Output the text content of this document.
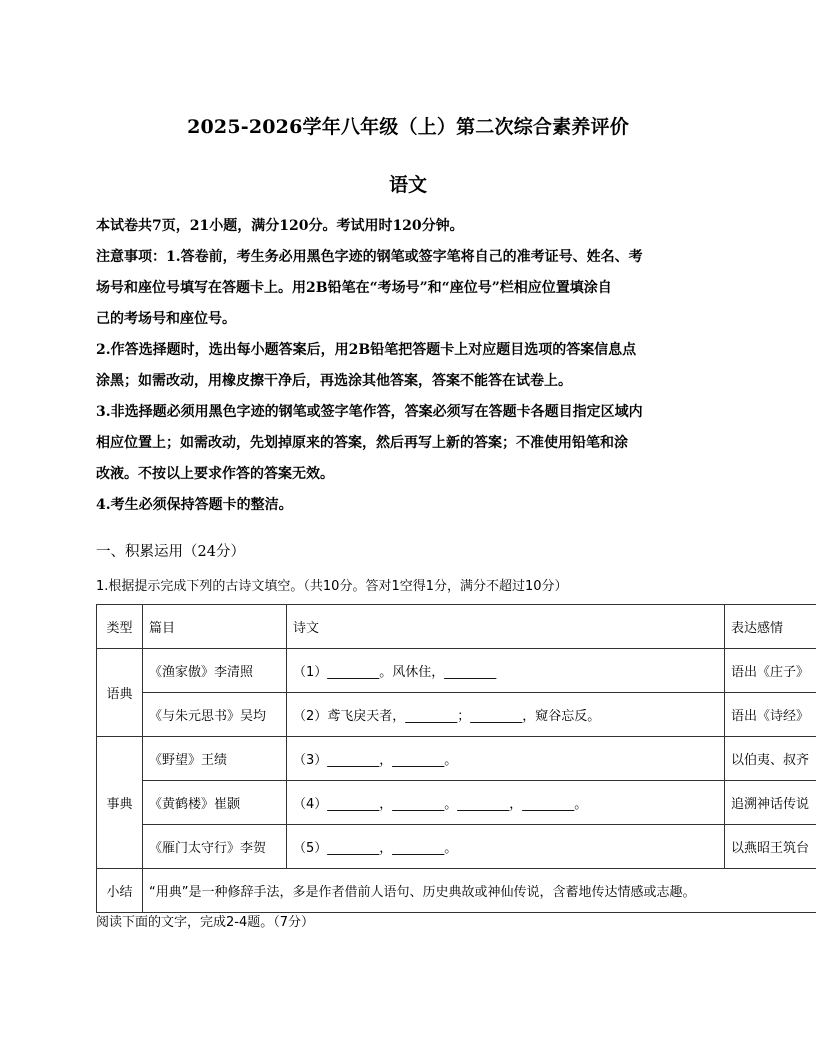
2025-2026学年八年级（上）第二次综合素养评价
语文

本试卷共7页，21小题，满分120分。考试用时120分钟。

注意事项：1.答卷前，考生务必用黑色字迹的钢笔或签字笔将自己的准考证号、姓名、考

场号和座位号填写在答题卡上。用2B铅笔在“考场号”和“座位号”栏相应位置填涂自

己的考场号和座位号。

2.作答选择题时，选出每小题答案后，用2B铅笔把答题卡上对应题目选项的答案信息点

涂黑；如需改动，用橡皮擦干净后，再选涂其他答案，答案不能答在试卷上。

3.非选择题必须用黑色字迹的钢笔或签字笔作答，答案必须写在答题卡各题目指定区域内

相应位置上；如需改动，先划掉原来的答案，然后再写上新的答案；不准使用铅笔和涂

改液。不按以上要求作答的答案无效。

4.考生必须保持答题卡的整洁。

一、积累运用（24分）
1.根据提示完成下列的古诗文填空。（共10分。答对1空得1分，满分不超过10分）
类型	篇目	诗文	表达感情
语典	《渔家傲》李清照	（1）________。风休住，________	语出《庄子》
	《与朱元思书》吴均	（2）鸢飞戾天者，________；________，窥谷忘反。	语出《诗经》
事典	《野望》王绩	（3）________，________。	以伯夷、叔齐
	《黄鹤楼》崔颢	（4）________，________。________，________。	追溯神话传说
	《雁门太守行》李贺	（5）________，________。	以燕昭王筑台
小结	“用典”是一种修辞手法，多是作者借前人语句、历史典故或神仙传说，含蓄地传达情感或志趣。		
阅读下面的文字，完成2-4题。（7分）
